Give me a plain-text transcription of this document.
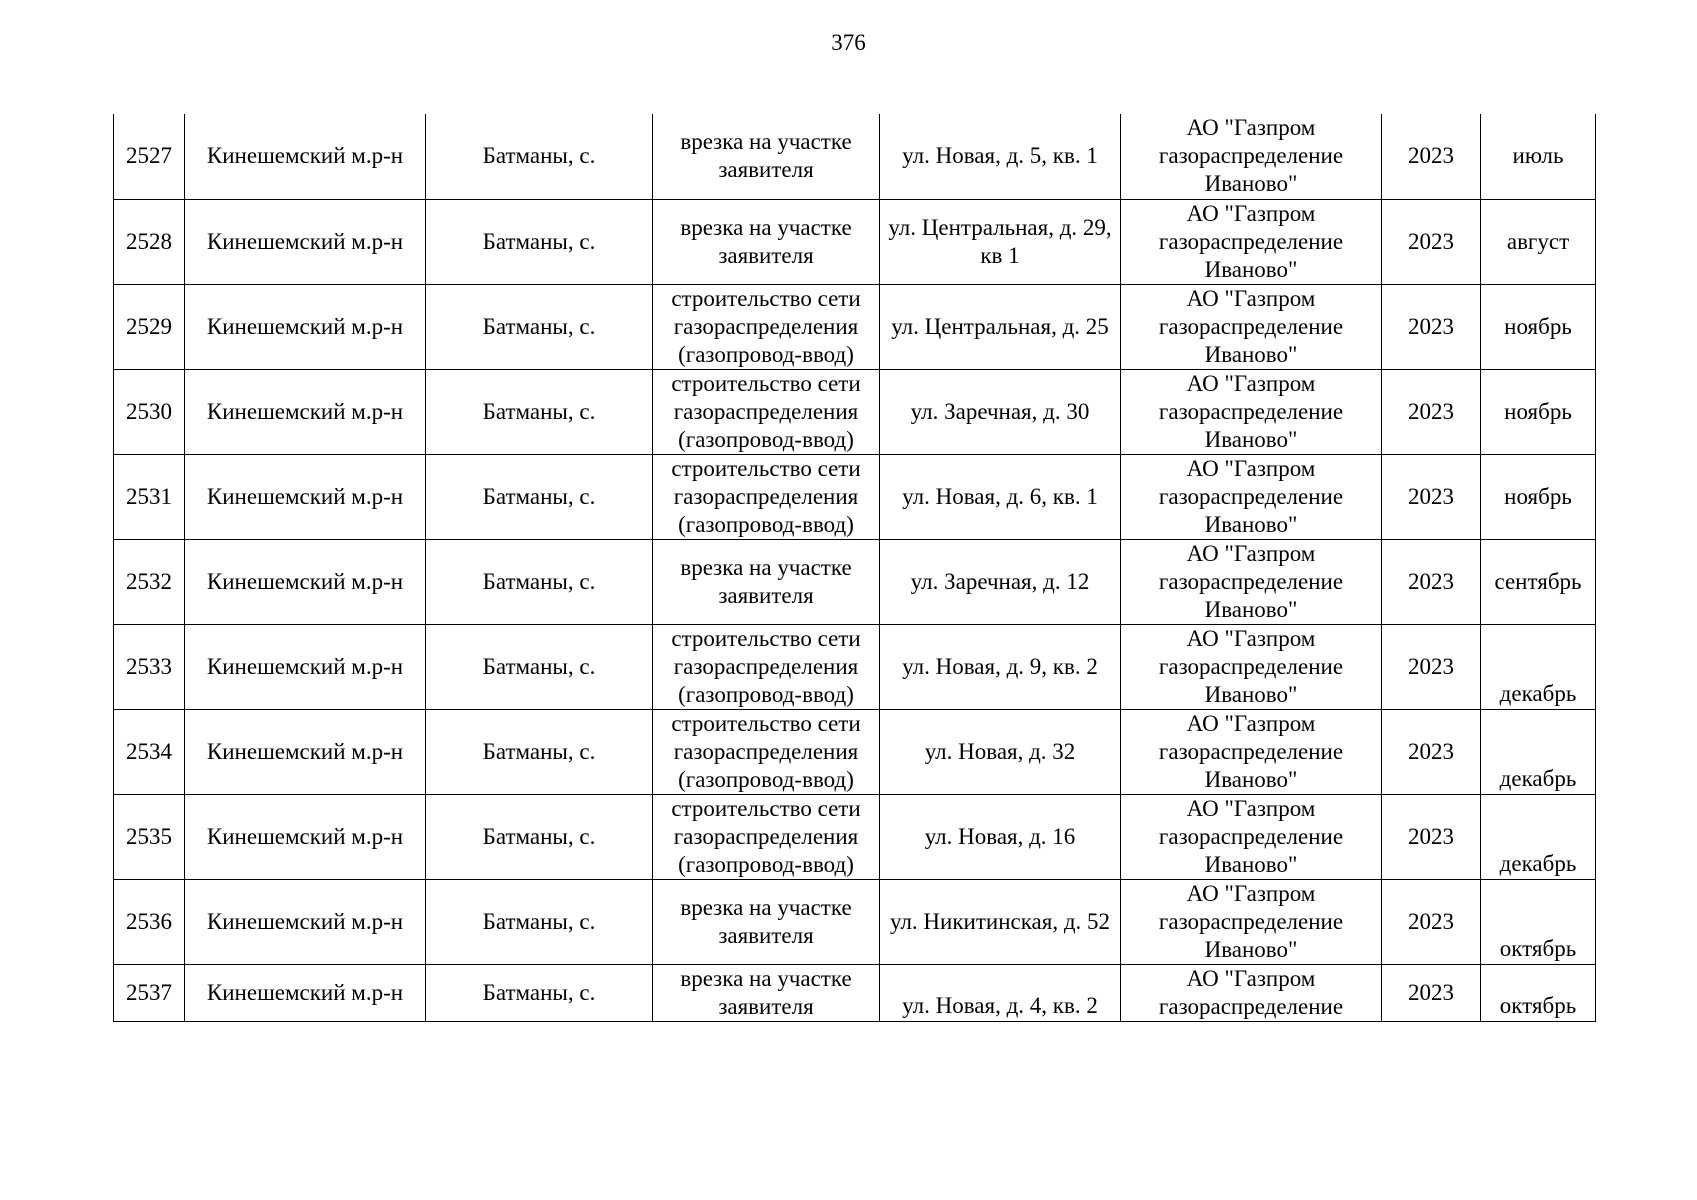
376
2527	Кинешемский м.р-н	Батманы, с.	врезка на участке заявителя	ул. Новая, д. 5, кв. 1	АО "Газпром газораспределение Иваново"	2023	июль
2528	Кинешемский м.р-н	Батманы, с.	врезка на участке заявителя	ул. Центральная, д. 29, кв 1	АО "Газпром газораспределение Иваново"	2023	август
2529	Кинешемский м.р-н	Батманы, с.	строительство сети газораспределения (газопровод-ввод)	ул. Центральная, д. 25	АО "Газпром газораспределение Иваново"	2023	ноябрь
2530	Кинешемский м.р-н	Батманы, с.	строительство сети газораспределения (газопровод-ввод)	ул. Заречная, д. 30	АО "Газпром газораспределение Иваново"	2023	ноябрь
2531	Кинешемский м.р-н	Батманы, с.	строительство сети газораспределения (газопровод-ввод)	ул. Новая, д. 6, кв. 1	АО "Газпром газораспределение Иваново"	2023	ноябрь
2532	Кинешемский м.р-н	Батманы, с.	врезка на участке заявителя	ул. Заречная, д. 12	АО "Газпром газораспределение Иваново"	2023	сентябрь
2533	Кинешемский м.р-н	Батманы, с.	строительство сети газораспределения (газопровод-ввод)	ул. Новая, д. 9, кв. 2	АО "Газпром газораспределение Иваново"	2023	декабрь
2534	Кинешемский м.р-н	Батманы, с.	строительство сети газораспределения (газопровод-ввод)	ул. Новая, д. 32	АО "Газпром газораспределение Иваново"	2023	декабрь
2535	Кинешемский м.р-н	Батманы, с.	строительство сети газораспределения (газопровод-ввод)	ул. Новая, д. 16	АО "Газпром газораспределение Иваново"	2023	декабрь
2536	Кинешемский м.р-н	Батманы, с.	врезка на участке заявителя	ул. Никитинская, д. 52	АО "Газпром газораспределение Иваново"	2023	октябрь
2537	Кинешемский м.р-н	Батманы, с.	врезка на участке заявителя	ул. Новая, д. 4, кв. 2	АО "Газпром газораспределение	2023	октябрь
